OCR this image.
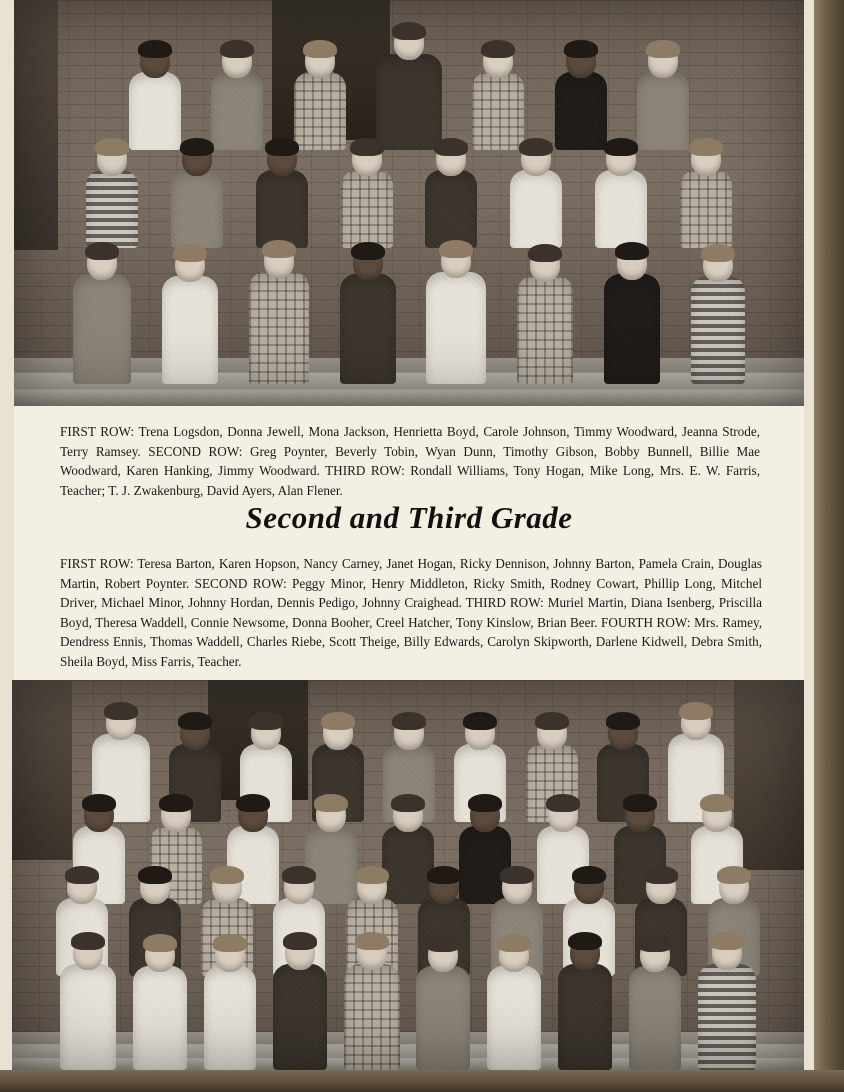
FIRST ROW: Trena Logsdon, Donna Jewell, Mona Jackson, Henrietta Boyd, Carole Johnson, Timmy Woodward, Jeanna Strode, Terry Ramsey. SECOND ROW: Greg Poynter, Beverly Tobin, Wyan Dunn, Timothy Gibson, Bobby Bunnell, Billie Mae Woodward, Karen Hanking, Jimmy Woodward. THIRD ROW: Rondall Williams, Tony Hogan, Mike Long, Mrs. E. W. Farris, Teacher; T. J. Zwakenburg, David Ayers, Alan Flener.
Second and Third Grade
FIRST ROW: Teresa Barton, Karen Hopson, Nancy Carney, Janet Hogan, Ricky Dennison, Johnny Barton, Pamela Crain, Douglas Martin, Robert Poynter. SECOND ROW: Peggy Minor, Henry Middleton, Ricky Smith, Rodney Cowart, Phillip Long, Mitchel Driver, Michael Minor, Johnny Hordan, Dennis Pedigo, Johnny Craighead. THIRD ROW: Muriel Martin, Diana Isenberg, Priscilla Boyd, Theresa Waddell, Connie Newsome, Donna Booher, Creel Hatcher, Tony Kinslow, Brian Beer. FOURTH ROW: Mrs. Ramey, Dendress Ennis, Thomas Waddell, Charles Riebe, Scott Theige, Billy Edwards, Carolyn Skipworth, Darlene Kidwell, Debra Smith, Sheila Boyd, Miss Farris, Teacher.
